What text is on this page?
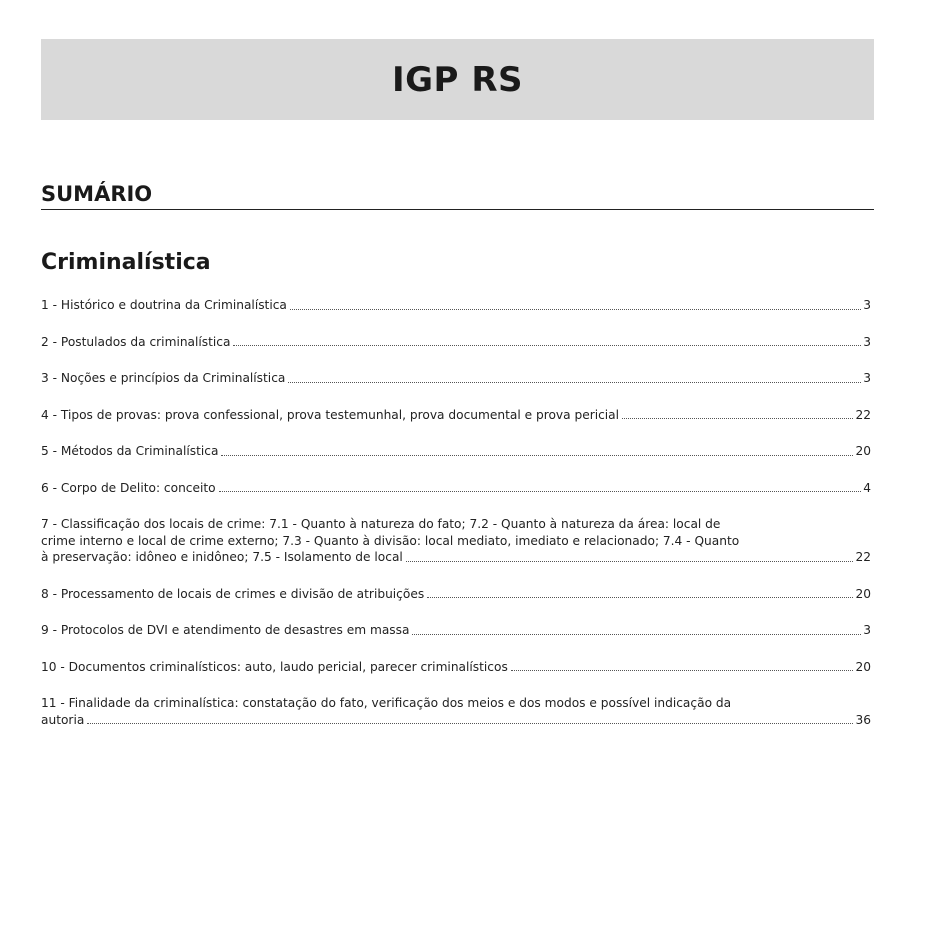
IGP RS
SUMÁRIO
Criminalística
1 - Histórico e doutrina da Criminalística	3
2 - Postulados da criminalística	3
3 - Noções e princípios da Criminalística	3
4 - Tipos de provas: prova confessional, prova testemunhal, prova documental e prova pericial	22
5 - Métodos da Criminalística	20
6 - Corpo de Delito: conceito	4
7 - Classificação dos locais de crime: 7.1 - Quanto à natureza do fato; 7.2 - Quanto à natureza da área: local de
crime interno e local de crime externo; 7.3 - Quanto à divisão: local mediato, imediato e relacionado; 7.4 - Quanto
à preservação: idôneo e inidôneo; 7.5 - Isolamento de local	22
8 - Processamento de locais de crimes e divisão de atribuições	20
9 - Protocolos de DVI e atendimento de desastres em massa	3
10 - Documentos criminalísticos: auto, laudo pericial, parecer criminalísticos	20
11 - Finalidade da criminalística: constatação do fato, verificação dos meios e dos modos e possível indicação da
autoria	36
